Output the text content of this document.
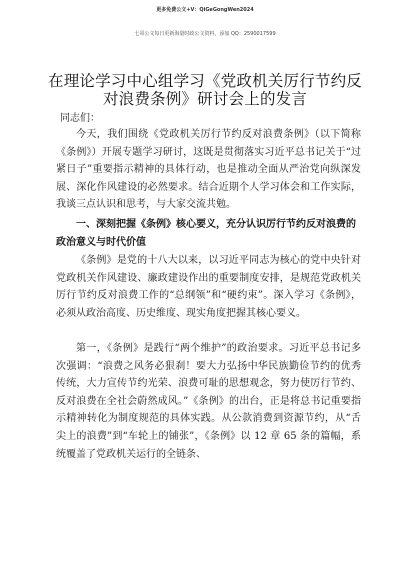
更多免费公文+V：QiGeGongWen2024
七哥公文每日更新海量时政公文资料，添加 QQ：2590017599
在理论学习中心组学习《党政机关厉行节约反对浪费条例》研讨会上的发言
同志们：

今天，我们围绕《党政机关厉行节约反对浪费条例》（以下简称《条例》）开展专题学习研讨，这既是贯彻落实习近平总书记关于“过紧日子”重要指示精神的具体行动，也是推动全面从严治党向纵深发展、深化作风建设的必然要求。结合近期个人学习体会和工作实际，我谈三点认识和思考，与大家交流共勉。

一、深刻把握《条例》核心要义，充分认识厉行节约反对浪费的政治意义与时代价值

《条例》是党的十八大以来，以习近平同志为核心的党中央针对党政机关作风建设、廉政建设作出的重要制度安排，是规范党政机关厉行节约反对浪费工作的“总纲领”和“硬约束”。深入学习《条例》，必须从政治高度、历史维度、现实角度把握其核心要义。

第一，《条例》是践行“两个维护”的政治要求。习近平总书记多次强调：“浪费之风务必狠刹！要大力弘扬中华民族勤俭节约的优秀传统，大力宣传节约光荣、浪费可耻的思想观念，努力使厉行节约、反对浪费在全社会蔚然成风。”《条例》的出台，正是将总书记重要指示精神转化为制度规范的具体实践。从公款消费到资源节约，从“舌尖上的浪费”到“车轮上的铺张”，《条例》以 12 章 65 条的篇幅，系统覆盖了党政机关运行的全链条、
